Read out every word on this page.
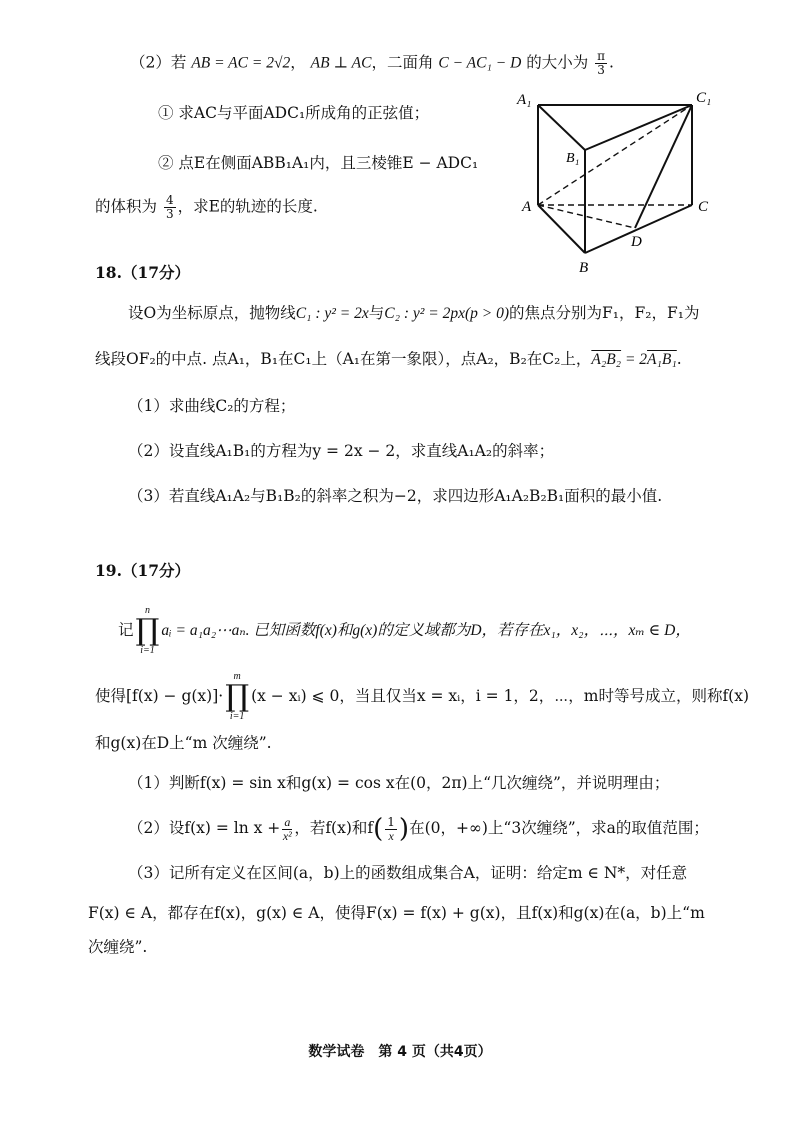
（2）若 AB = AC = 2√2， AB ⊥ AC，二面角 C − AC₁ − D 的大小为 $\frac{\pi}{3}$ .
① 求AC与平面ADC₁所成角的正弦值；
② 点E在侧面ABB₁A₁内，且三棱锥E − ADC₁
的体积为 $\frac{4}{3}$ ，求E的轨迹的长度.
A₁	C₁
B₁
A	C
D
B
18.（17分）
设O为坐标原点，抛物线C₁ : y² = 2x与C₂ : y² = 2px(p > 0)的焦点分别为F₁，F₂，F₁为
线段OF₂的中点. 点A₁，B₁在C₁上（A₁在第一象限），点A₂，B₂在C₂上，A₂B₂ = 2A₁B₁.
（1）求曲线C₂的方程；
（2）设直线A₁B₁的方程为y = 2x − 2，求直线A₁A₂的斜率；
（3）若直线A₁A₂与B₁B₂的斜率之积为−2，求四边形A₁A₂B₂B₁面积的最小值.
19.（17分）
记
n
∏
i=1
aᵢ = a₁a₂⋯aₙ. 已知函数f(x)和g(x)的定义域都为D，若存在x₁，x₂，⋯，xₘ ∈ D，
使得[f(x) − g(x)]·
m
∏
i=1
(x − xᵢ) ⩽ 0，当且仅当x = xᵢ，i = 1，2，⋯，m时等号成立，则称f(x)
和g(x)在D上“m 次缠绕”.
（1）判断f(x) = sin x和g(x) = cos x在(0，2π)上“几次缠绕”，并说明理由；
（2）设$f(x) = \ln x + \frac{a}{\text{x²}}$ ，若f(x)和$f( \frac{1}{x}$ )在(0，+∞)上“3次缠绕”，求a的取值范围；
（3）记所有定义在区间(a，b)上的函数组成集合A，证明：给定m ∈ N*，对任意
F(x) ∈ A，都存在f(x)，g(x) ∈ A，使得F(x) = f(x) + g(x)，且f(x)和g(x)在(a，b)上“m
次缠绕”.
数学试卷　第 4 页（共4页）
